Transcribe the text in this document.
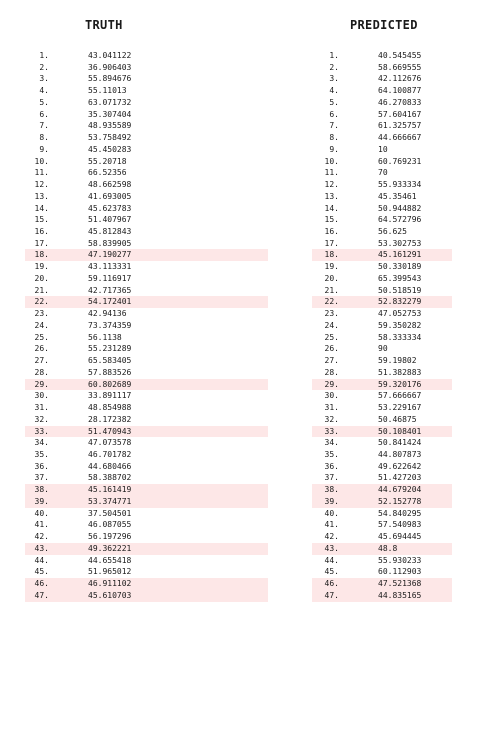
TRUTH	PREDICTED
1.	43.041122	1.	40.545455
2.	36.906403	2.	58.669555
3.	55.894676	3.	42.112676
4.	55.11013	4.	64.100877
5.	63.071732	5.	46.270833
6.	35.307404	6.	57.604167
7.	48.935589	7.	61.325757
8.	53.758492	8.	44.666667
9.	45.450283	9.	10
10.	55.20718	10.	60.769231
11.	66.52356	11.	70
12.	48.662598	12.	55.933334
13.	41.693005	13.	45.35461
14.	45.623783	14.	50.944882
15.	51.407967	15.	64.572796
16.	45.812843	16.	56.625
17.	58.839905	17.	53.302753
18.	47.190277	18.	45.161291
19.	43.113331	19.	50.330189
20.	59.116917	20.	65.399543
21.	42.717365	21.	50.518519
22.	54.172401	22.	52.832279
23.	42.94136	23.	47.052753
24.	73.374359	24.	59.350282
25.	56.1138	25.	58.333334
26.	55.231289	26.	90
27.	65.583405	27.	59.19802
28.	57.883526	28.	51.382883
29.	60.802689	29.	59.320176
30.	33.891117	30.	57.666667
31.	48.854988	31.	53.229167
32.	28.172382	32.	50.46875
33.	51.470943	33.	50.108401
34.	47.073578	34.	50.841424
35.	46.701782	35.	44.807873
36.	44.680466	36.	49.622642
37.	58.388702	37.	51.427203
38.	45.161419	38.	44.679204
39.	53.374771	39.	52.152778
40.	37.504501	40.	54.840295
41.	46.087055	41.	57.540983
42.	56.197296	42.	45.694445
43.	49.362221	43.	48.8
44.	44.655418	44.	55.930233
45.	51.965012	45.	60.112903
46.	46.911102	46.	47.521368
47.	45.610703	47.	44.835165
